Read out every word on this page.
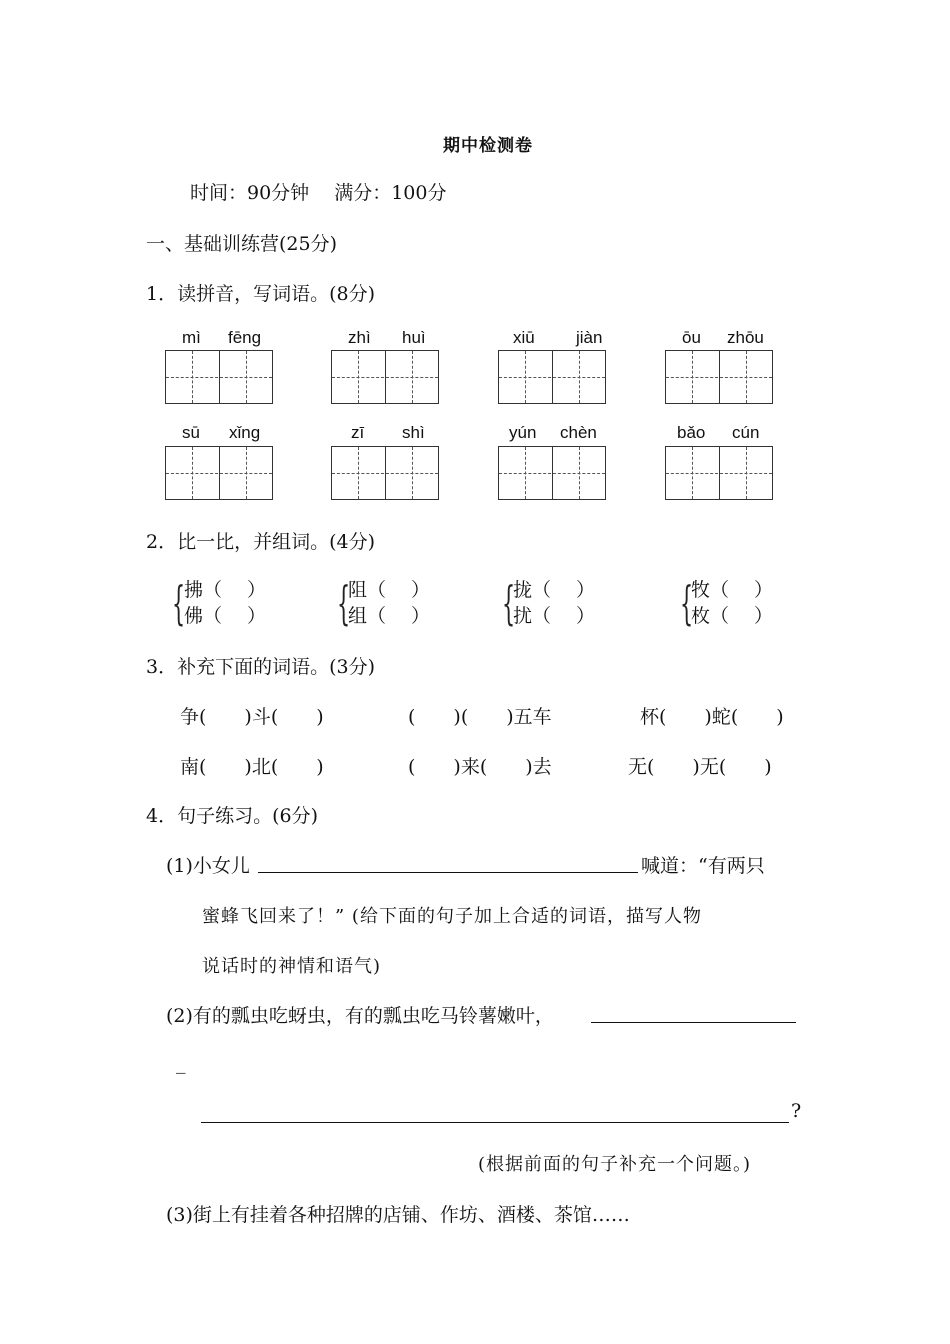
期中检测卷
时间：90分钟　 满分：100分
一、基础训练营(25分)
1．读拼音，写词语。(8分)
mì fēng	zhì huì	xiū jiàn	ōu zhōu
sū xǐng	zī shì	yún chèn	bǎo cún
2．比一比，并组词。(4分)
{
拂（　 ）
佛（　 ） {
阻（　 ）
组（　 ） {
拢（　 ）
扰（　 ） {
牧（　 ）
枚（　 ）
3．补充下面的词语。(3分)
争(　　)斗(　　)	(　　)(　　)五车	杯(　　)蛇(　　)
南(　　)北(　　)	(　　)来(　　)去	无(　　)无(　　)
4．句子练习。(6分)
(1)小女儿	喊道：“有两只
蜜蜂飞回来了！” (给下面的句子加上合适的词语，描写人物
说话时的神情和语气)
(2)有的瓢虫吃蚜虫，有的瓢虫吃马铃薯嫩叶，
_
?
(根据前面的句子补充一个问题。)
(3)街上有挂着各种招牌的店铺、作坊、酒楼、茶馆……
